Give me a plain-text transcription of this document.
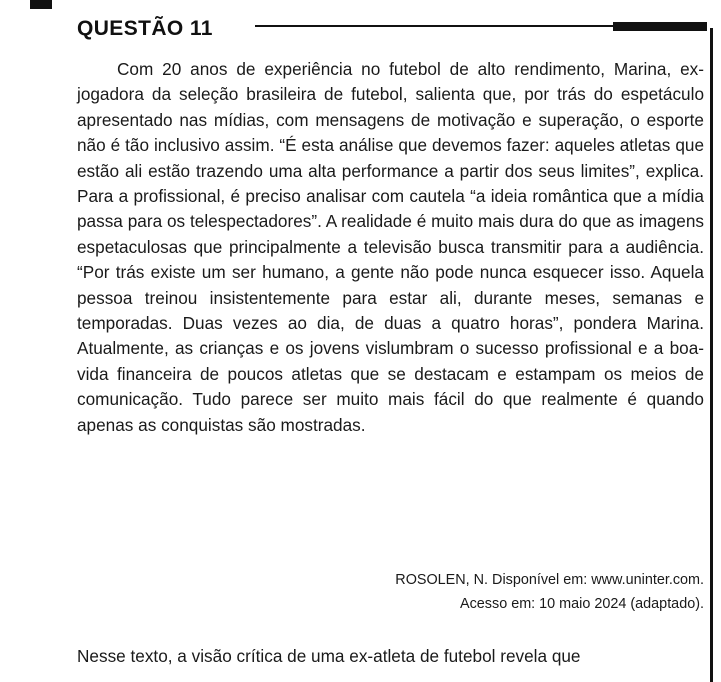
QUESTÃO 11

Com 20 anos de experiência no futebol de alto rendimento, Marina, ex-jogadora da seleção brasileira de futebol, salienta que, por trás do espetáculo apresentado nas mídias, com mensagens de motivação e superação, o esporte não é tão inclusivo assim. “É esta análise que devemos fazer: aqueles atletas que estão ali estão trazendo uma alta performance a partir dos seus limites”, explica. Para a profissional, é preciso analisar com cautela “a ideia romântica que a mídia passa para os telespectadores”. A realidade é muito mais dura do que as imagens espetaculosas que principalmente a televisão busca transmitir para a audiência. “Por trás existe um ser humano, a gente não pode nunca esquecer isso. Aquela pessoa treinou insistentemente para estar ali, durante meses, semanas e temporadas. Duas vezes ao dia, de duas a quatro horas”, pondera Marina. Atualmente, as crianças e os jovens vislumbram o sucesso profissional e a boa-vida financeira de poucos atletas que se destacam e estampam os meios de comunicação. Tudo parece ser muito mais fácil do que realmente é quando apenas as conquistas são mostradas.

ROSOLEN, N. Disponível em: www.uninter.com.
Acesso em: 10 maio 2024 (adaptado).

Nesse texto, a visão crítica de uma ex-atleta de futebol revela que
